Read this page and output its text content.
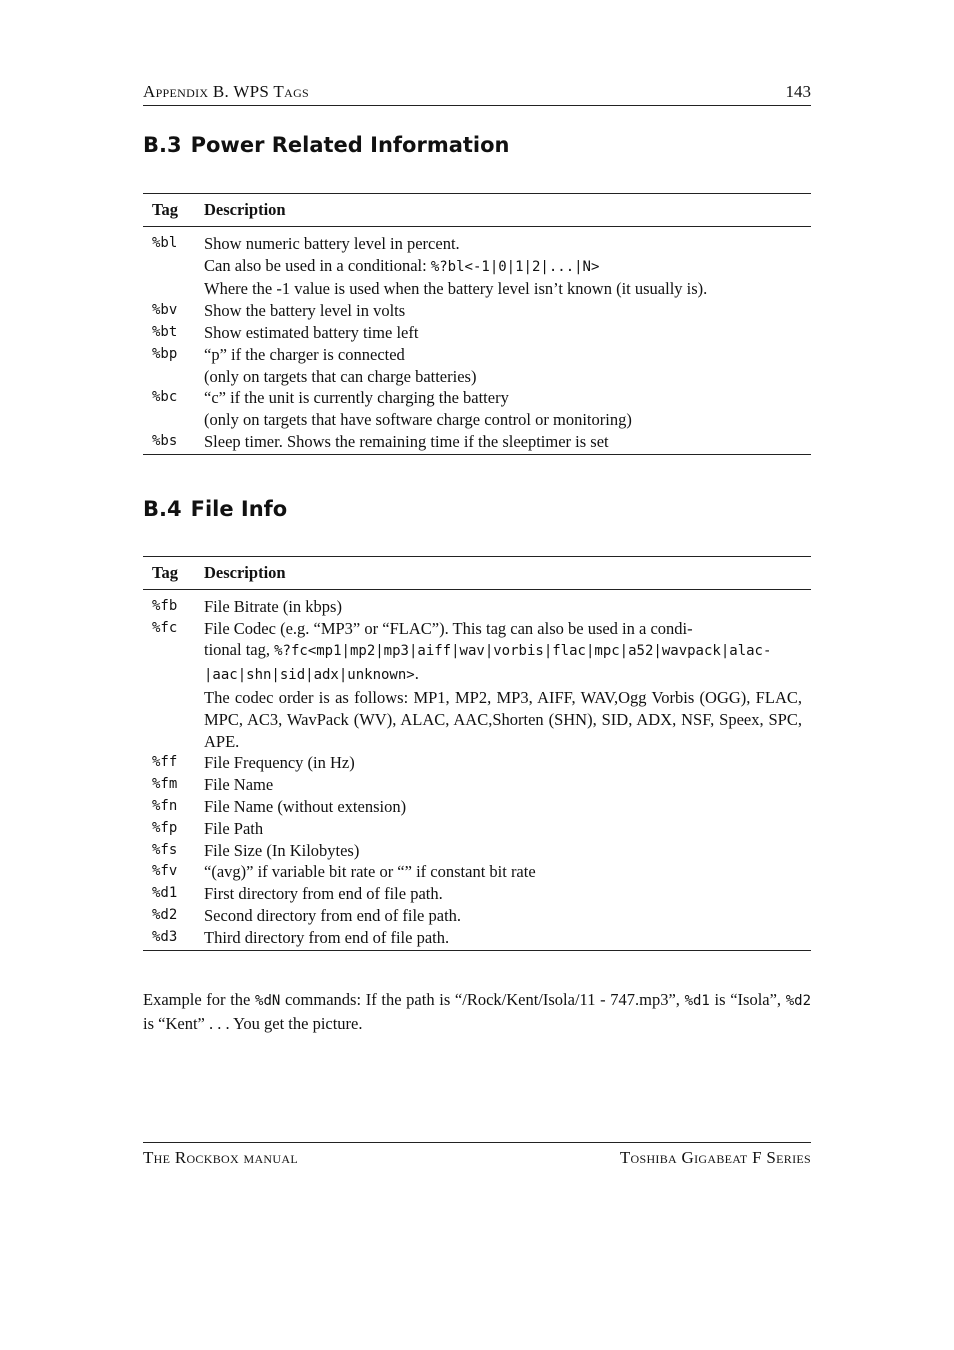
Appendix B. WPS Tags	143
B.3 Power Related Information
Tag	Description
%bl	Show numeric battery level in percent.
Can also be used in a conditional: %?bl<-1|0|1|2|...|N>
Where the -1 value is used when the battery level isn’t known (it usually is).

%bv	Show the battery level in volts

%bt	Show estimated battery time left

%bp	“p” if the charger is connected
(only on targets that can charge batteries)

%bc	“c” if the unit is currently charging the battery
(only on targets that have software charge control or monitoring)

%bs	Sleep timer. Shows the remaining time if the sleeptimer is set
B.4 File Info
Tag	Description
%fb	File Bitrate (in kbps)
%fc	File Codec (e.g. “MP3” or “FLAC”). This tag can also be used in a condi-
tional tag, %?fc<mp1|mp2|mp3|aiff|wav|vorbis|flac|mpc|a52|wavpack|alac-
|aac|shn|sid|adx|unknown>.
The codec order is as follows: MP1, MP2, MP3, AIFF, WAV,Ogg Vorbis (OGG), FLAC, MPC, AC3, WavPack (WV), ALAC, AAC,Shorten (SHN), SID, ADX, NSF, Speex, SPC, APE.

%ff	File Frequency (in Hz)
%fm	File Name
%fn	File Name (without extension)
%fp	File Path
%fs	File Size (In Kilobytes)
%fv	“(avg)” if variable bit rate or “” if constant bit rate
%d1	First directory from end of file path.
%d2	Second directory from end of file path.
%d3	Third directory from end of file path.

Example for the %dN commands: If the path is “/Rock/Kent/Isola/11 - 747.mp3”, %d1 is “Isola”, %d2 is “Kent” . . . You get the picture.

The Rockbox manual	Toshiba Gigabeat F Series
